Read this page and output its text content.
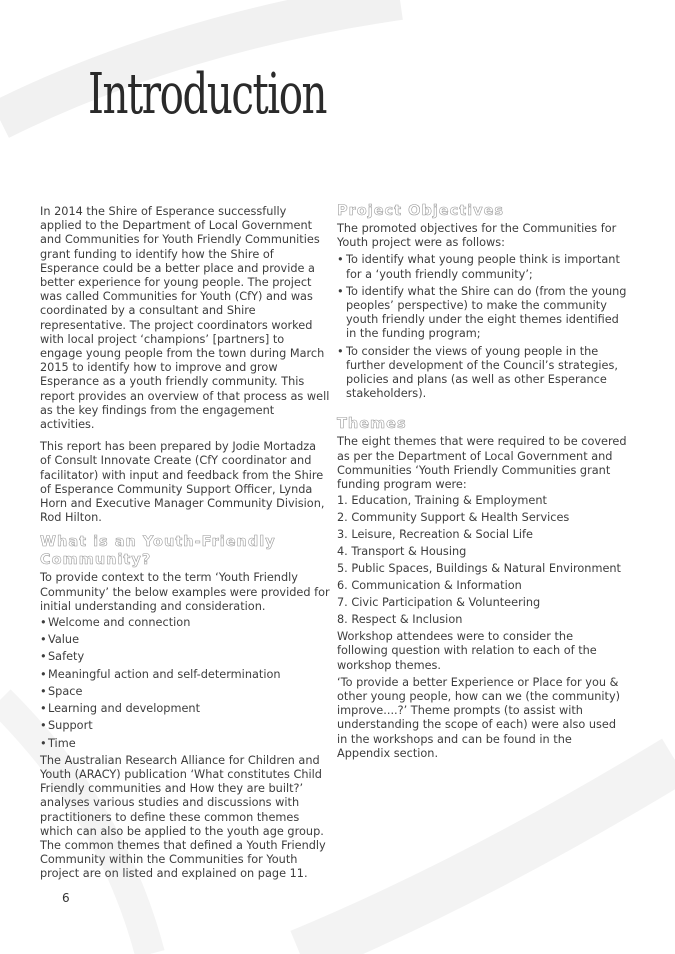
Introduction

In 2014 the Shire of Esperance successfully applied to the Department of Local Government and Communities for Youth Friendly Communities grant funding to identify how the Shire of Esperance could be a better place and provide a better experience for young people. The project was called Communities for Youth (CfY) and was coordinated by a consultant and Shire representative. The project coordinators worked with local project ‘champions’ [partners] to engage young people from the town during March 2015 to identify how to improve and grow Esperance as a youth friendly community. This report provides an overview of that process as well as the key findings from the engagement activities.

This report has been prepared by Jodie Mortadza of Consult Innovate Create (CfY coordinator and facilitator) with input and feedback from the Shire of Esperance Community Support Officer, Lynda Horn and Executive Manager Community Division, Rod Hilton.

What is an Youth-Friendly Community?

To provide context to the term ‘Youth Friendly Community’ the below examples were provided for initial understanding and consideration.

• Welcome and connection
• Value
• Safety
• Meaningful action and self-determination
• Space
• Learning and development
• Support
• Time

The Australian Research Alliance for Children and Youth (ARACY) publication ‘What constitutes Child Friendly communities and How they are built?’ analyses various studies and discussions with practitioners to define these common themes which can also be applied to the youth age group. The common themes that defined a Youth Friendly Community within the Communities for Youth project are on listed and explained on page 11.

Project Objectives

The promoted objectives for the Communities for Youth project were as follows:

• To identify what young people think is important for a ‘youth friendly community’;
• To identify what the Shire can do (from the young peoples’ perspective) to make the community youth friendly under the eight themes identified in the funding program;
• To consider the views of young people in the further development of the Council’s strategies, policies and plans (as well as other Esperance stakeholders).
Themes

The eight themes that were required to be covered as per the Department of Local Government and Communities ‘Youth Friendly Communities grant funding program were:

1. Education, Training & Employment
2. Community Support & Health Services
3. Leisure, Recreation & Social Life
4. Transport & Housing
5. Public Spaces, Buildings & Natural Environment
6. Communication & Information
7. Civic Participation & Volunteering
8. Respect & Inclusion

Workshop attendees were to consider the following question with relation to each of the workshop themes.

‘To provide a better Experience or Place for you & other young people, how can we (the community) improve....?’ Theme prompts (to assist with understanding the scope of each) were also used in the workshops and can be found in the Appendix section.

6
